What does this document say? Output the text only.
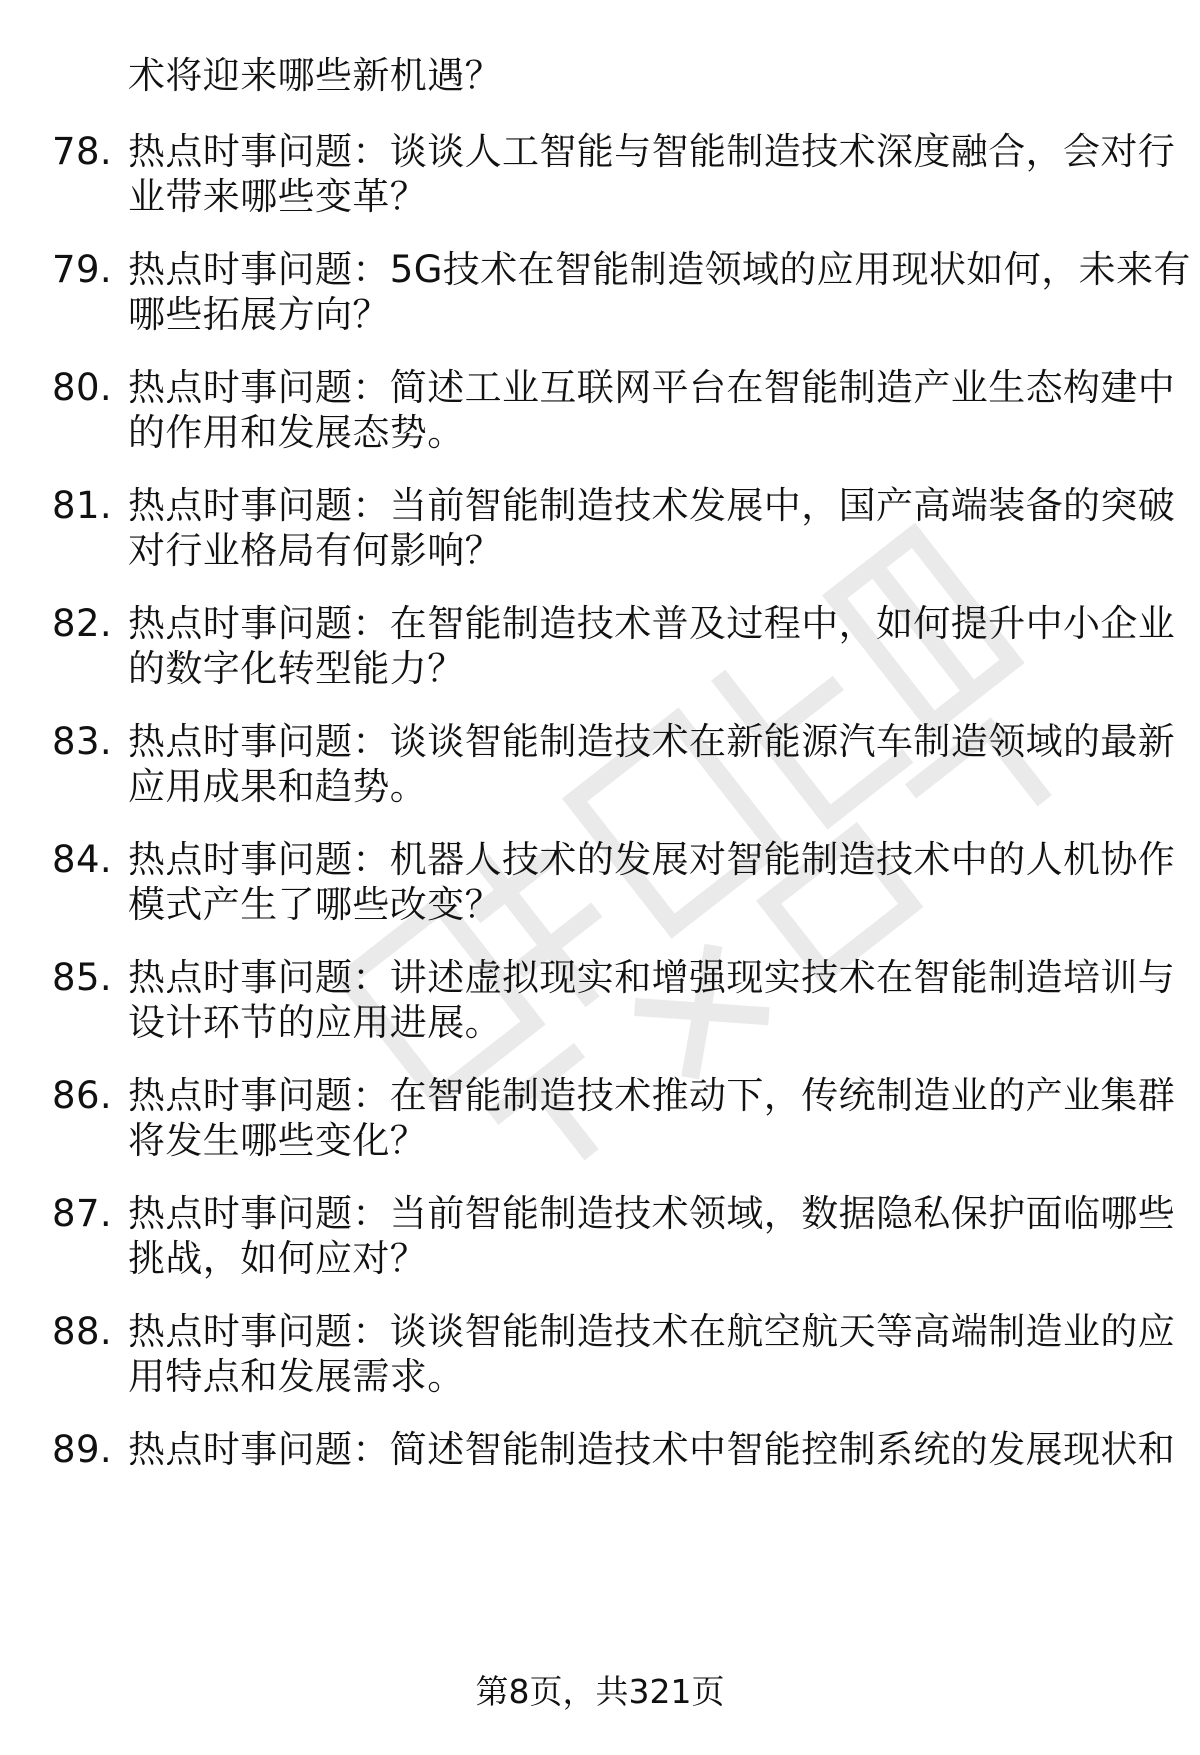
术将迎来哪些新机遇？
78. 热点时事问题：谈谈人工智能与智能制造技术深度融合，会对行
业带来哪些变革？
79. 热点时事问题：5G技术在智能制造领域的应用现状如何，未来有
哪些拓展方向？
80. 热点时事问题：简述工业互联网平台在智能制造产业生态构建中
的作用和发展态势。
81. 热点时事问题：当前智能制造技术发展中，国产高端装备的突破
对行业格局有何影响？
82. 热点时事问题：在智能制造技术普及过程中，如何提升中小企业
的数字化转型能力？
83. 热点时事问题：谈谈智能制造技术在新能源汽车制造领域的最新
应用成果和趋势。
84. 热点时事问题：机器人技术的发展对智能制造技术中的人机协作
模式产生了哪些改变？
85. 热点时事问题：讲述虚拟现实和增强现实技术在智能制造培训与
设计环节的应用进展。
86. 热点时事问题：在智能制造技术推动下，传统制造业的产业集群
将发生哪些变化？
87. 热点时事问题：当前智能制造技术领域，数据隐私保护面临哪些
挑战，如何应对？
88. 热点时事问题：谈谈智能制造技术在航空航天等高端制造业的应
用特点和发展需求。
89. 热点时事问题：简述智能制造技术中智能控制系统的发展现状和
第8页，共321页
